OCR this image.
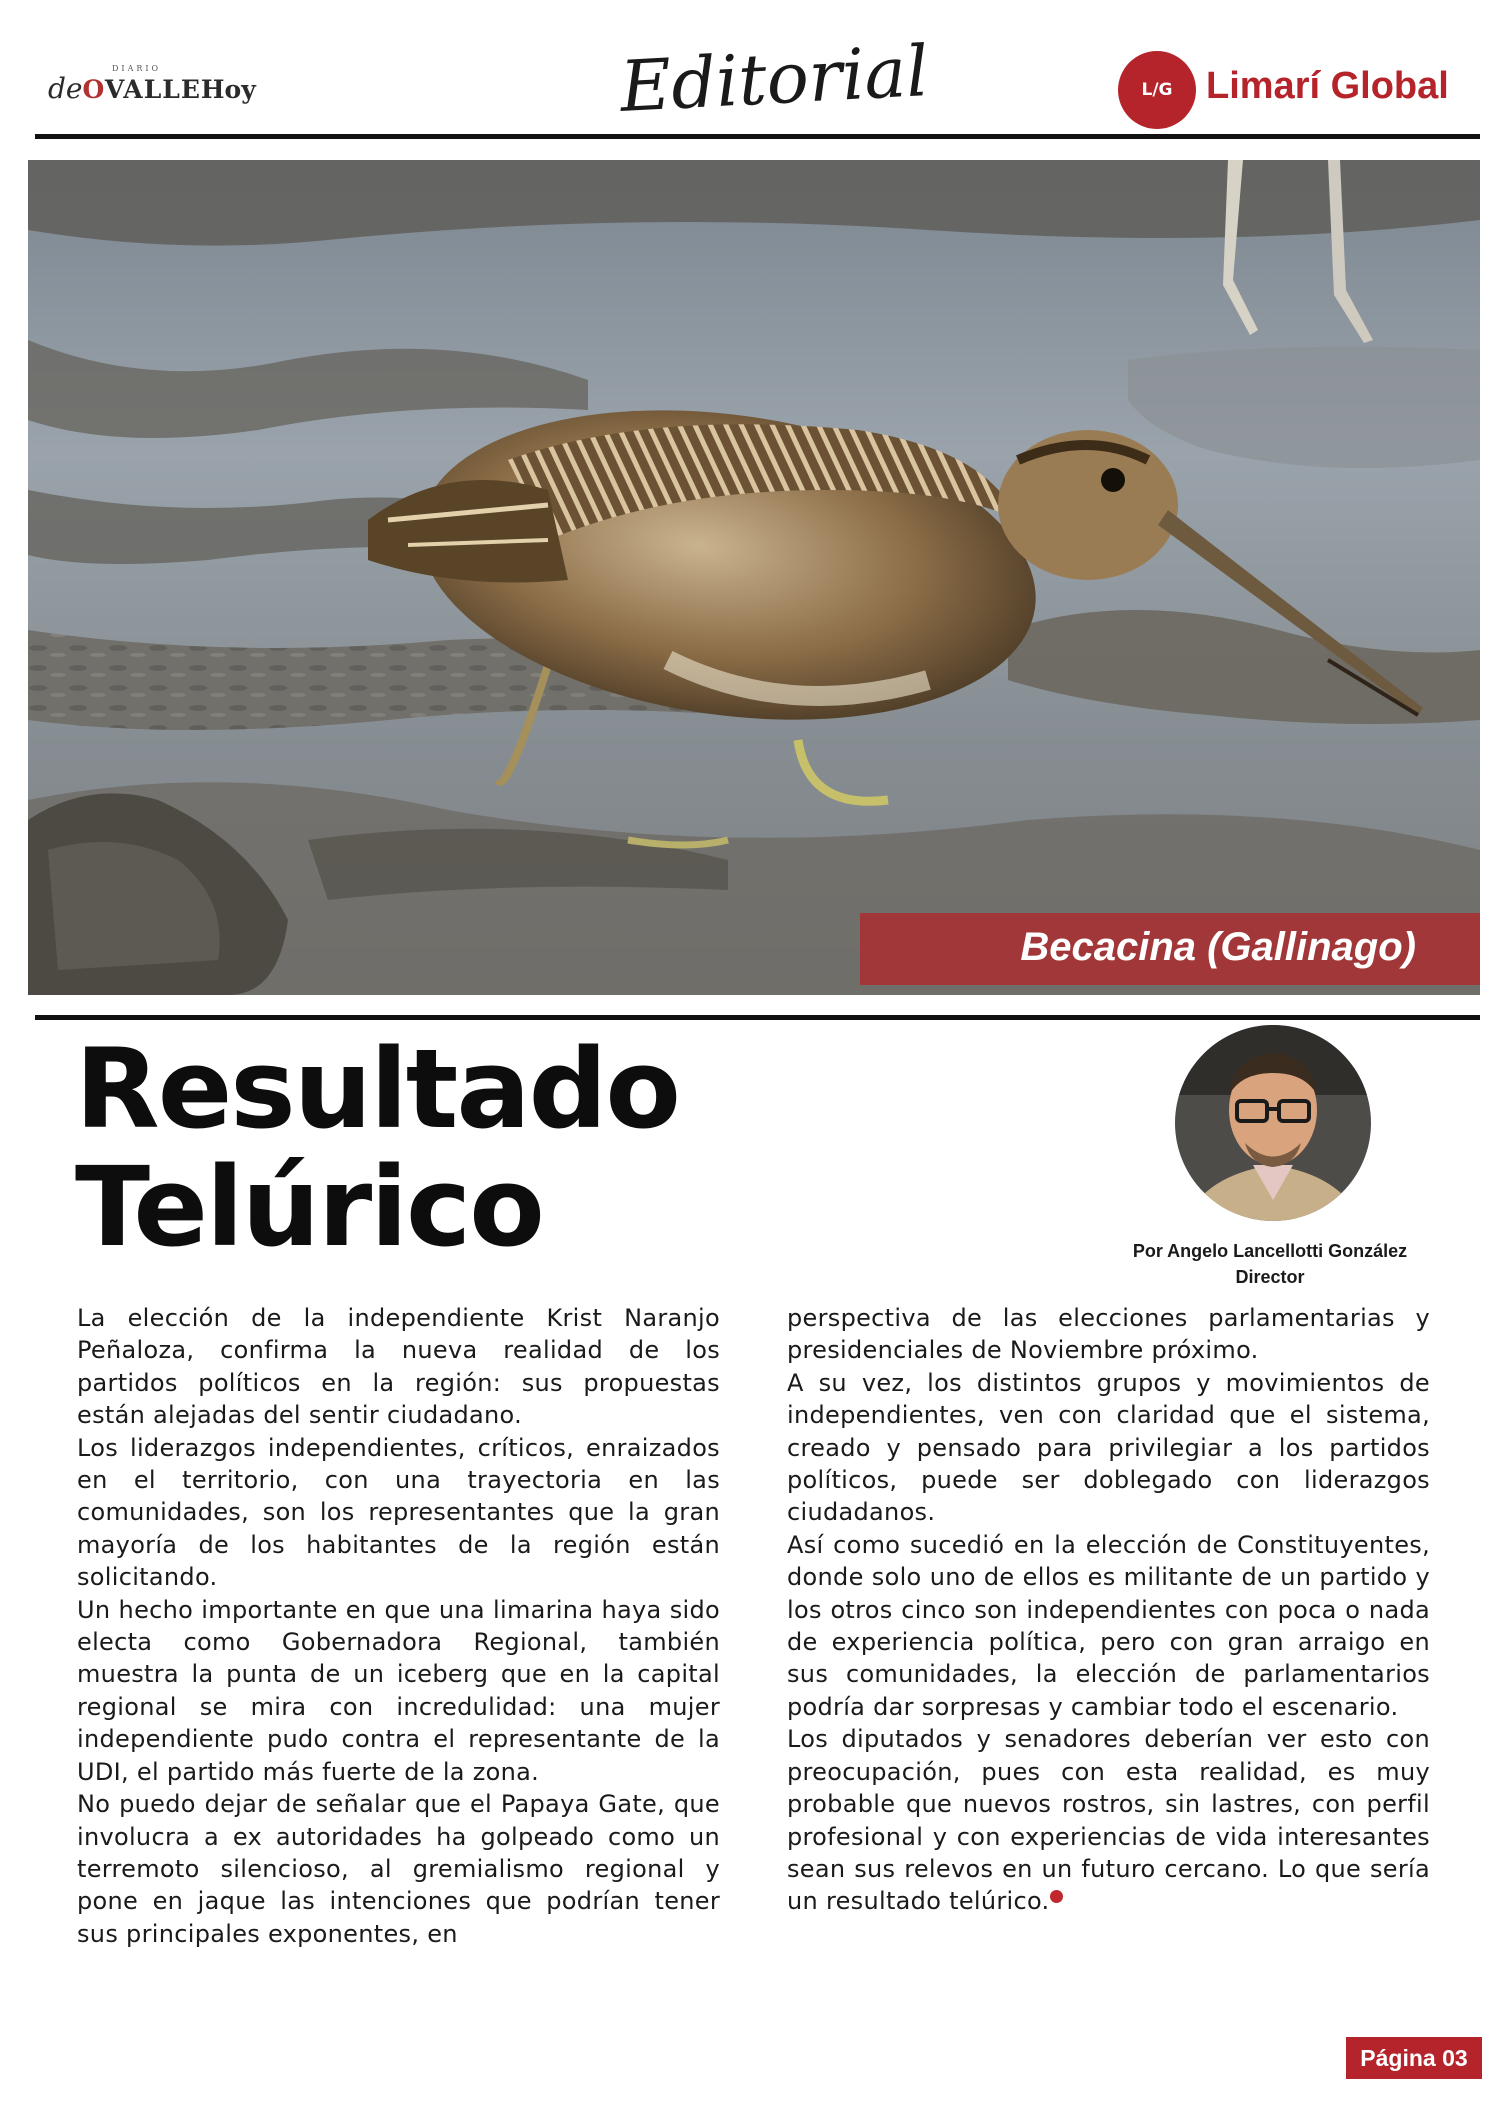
DIARIO
deOVALLEHoy	Editorial	L/G Limarí Global
Becacina (Gallinago)
Resultado
Telúrico	Por Angelo Lancellotti González
Director

La elección de la independiente Krist Naranjo Peñaloza, confirma la nueva realidad de los partidos políticos en la región: sus propuestas están alejadas del sentir ciudadano.

Los liderazgos independientes, críticos, enraizados en el territorio, con una trayectoria en las comunidades, son los representantes que la gran mayoría de los habitantes de la región están solicitando.

Un hecho importante en que una limarina haya sido electa como Gobernadora Regional, también muestra la punta de un iceberg que en la capital regional se mira con incredulidad: una mujer independiente pudo contra el representante de la UDI, el partido más fuerte de la zona.

No puedo dejar de señalar que el Papaya Gate, que involucra a ex autoridades ha golpeado como un terremoto silencioso, al gremialismo regional y pone en jaque las intenciones que podrían tener sus principales exponentes, en

perspectiva de las elecciones parlamentarias y presidenciales de Noviembre próximo.

A su vez, los distintos grupos y movimientos de independientes, ven con claridad que el sistema, creado y pensado para privilegiar a los partidos políticos, puede ser doblegado con liderazgos ciudadanos.

Así como sucedió en la elección de Constituyentes, donde solo uno de ellos es militante de un partido y los otros cinco son independientes con poca o nada de experiencia política, pero con gran arraigo en sus comunidades, la elección de parlamentarios podría dar sorpresas y cambiar todo el escenario.

Los diputados y senadores deberían ver esto con preocupación, pues con esta realidad, es muy probable que nuevos rostros, sin lastres, con perfil profesional y con experiencias de vida interesantes sean sus relevos en un futuro cercano. Lo que sería un resultado telúrico.

Página 03
